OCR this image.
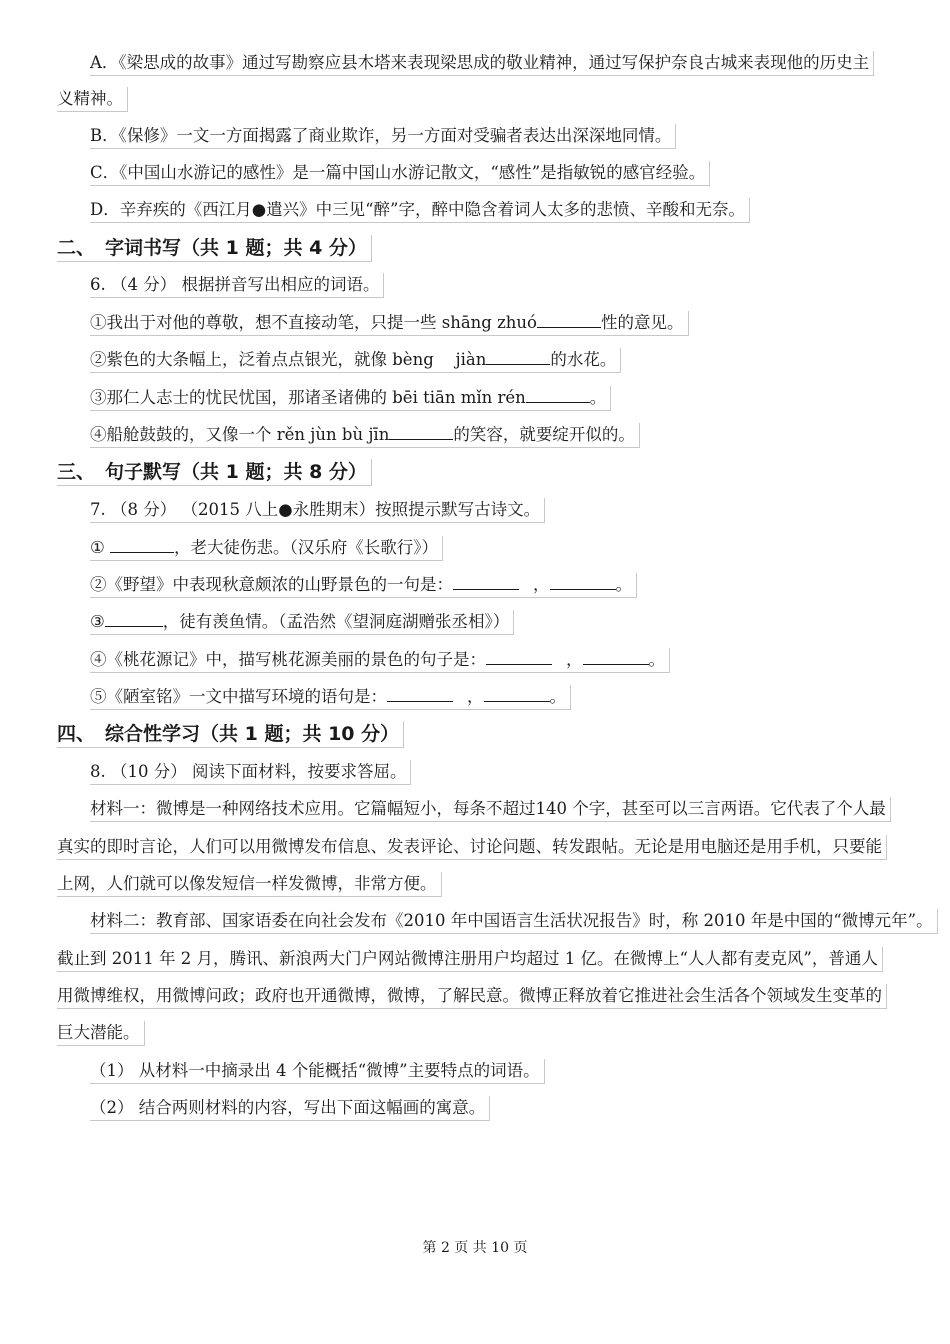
A．《梁思成的故事》通过写勘察应县木塔来表现梁思成的敬业精神，通过写保护奈良古城来表现他的历史主
义精神。
B．《保修》一文一方面揭露了商业欺诈，另一方面对受骗者表达出深深地同情。
C．《中国山水游记的感性》是一篇中国山水游记散文，“感性”是指敏锐的感官经验。
D．辛弃疾的《西江月●遣兴》中三见“醉”字，醉中隐含着词人太多的悲愤、辛酸和无奈。
二、 字词书写（共 1 题；共 4 分）
6. （4 分） 根据拼音写出相应的词语。
①我出于对他的尊敬，想不直接动笔，只提一些 shāng zhuó	性的意见。
②紫色的大条幅上，泛着点点银光，就像 bèng　 jiàn	的水花。
③那仁人志士的忧民忧国，那诸圣诸佛的 bēi tiān mǐn rén	。
④船舱鼓鼓的，又像一个 rěn jùn bù jīn	的笑容，就要绽开似的。
三、 句子默写（共 1 题；共 8 分）
7. （8 分） （2015 八上●永胜期末）按照提示默写古诗文。
①	，老大徒伤悲。（汉乐府《长歌行》）
②《野望》中表现秋意颇浓的山野景色的一句是：	，	。
③	，徒有羡鱼情。（孟浩然《望洞庭湖赠张丞相》）
④《桃花源记》中，描写桃花源美丽的景色的句子是：	，	。
⑤《陋室铭》一文中描写环境的语句是：	，	。
四、 综合性学习（共 1 题；共 10 分）
8. （10 分） 阅读下面材料，按要求答屈。
材料一：微博是一种网络技术应用。它篇幅短小，每条不超过140 个字，甚至可以三言两语。它代表了个人最
真实的即时言论，人们可以用微博发布信息、发表评论、讨论问题、转发跟帖。无论是用电脑还是用手机，只要能
上网，人们就可以像发短信一样发微博，非常方便。
材料二：教育部、国家语委在向社会发布《2010 年中国语言生活状况报告》时，称 2010 年是中国的“微博元年”。
截止到 2011 年 2 月，腾讯、新浪两大门户网站微博注册用户均超过 1 亿。在微博上“人人都有麦克风”，普通人
用微博维权，用微博问政；政府也开通微博，微博，了解民意。微博正释放着它推进社会生活各个领域发生变革的
巨大潜能。
（1） 从材料一中摘录出 4 个能概括“微博”主要特点的词语。
（2） 结合两则材料的内容，写出下面这幅画的寓意。
第 2 页 共 10 页
